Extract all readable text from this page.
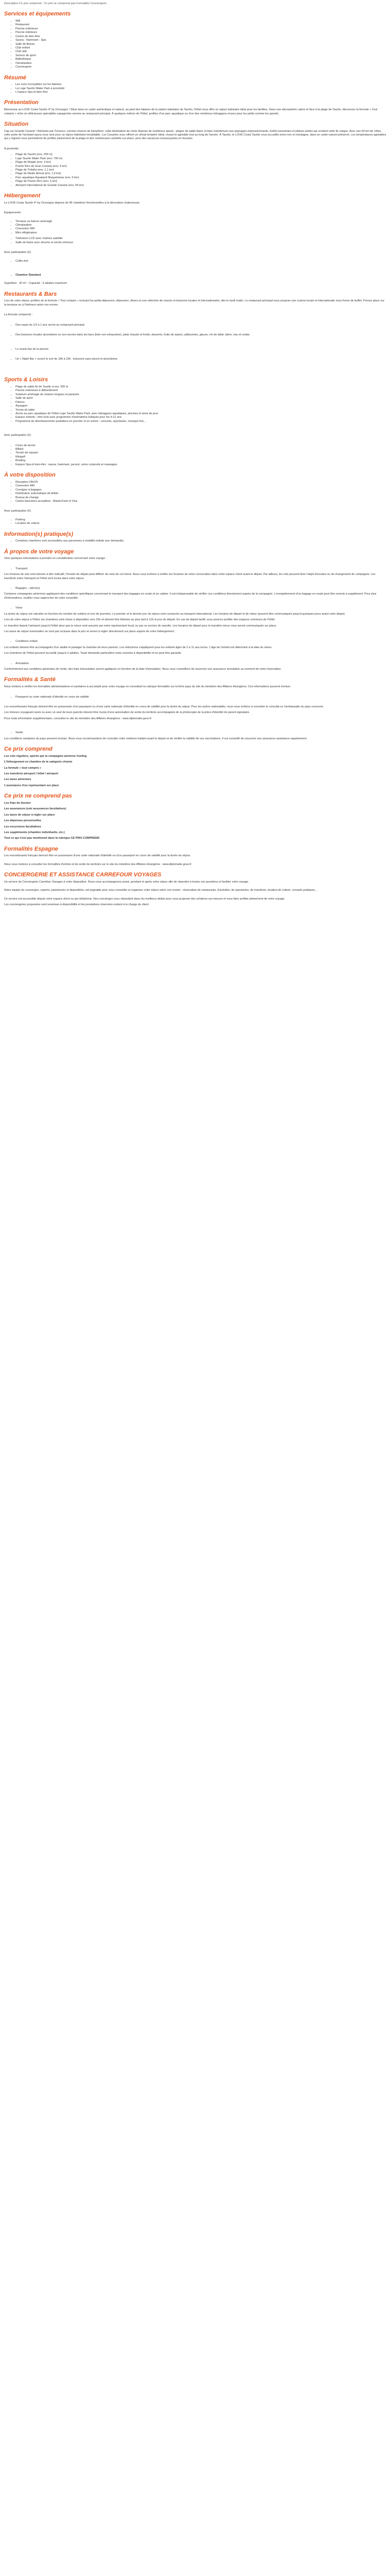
Description Ce prix comprend : Ce prix ne comprend pas Formalités Conciergerie
Services et équipements
• Wifi
• Restaurant
• Piscine extérieure
• Piscine intérieure
• Centre de bien-être
• Sauna - Hammam - Spa
• Salle de fitness
• Club enfant
• Club ado
• Service de sport
• Bibliothèque
• Climatisation
• Conciergerie
Résumé
• Les vues incroyables sur les falaises
• La Loge Taurito Water Park à proximité
• L'espace Spa et bien-être
Présentation

Bienvenue au LOVE Costa Taurito 4* by Ocesogos ! Situé dans un cadre authentique et naturel, au pied des falaises de la station balnéaire de Taurito, l'hôtel vous offre un séjour balnéaire idéal pour les familles. Dans une atmosphère calme et face à la plage de Taurito, découvrez la formule « Tout compris » riche en délicieuses spécialités espagnoles servies au restaurant principal. À quelques mètres de l'hôtel, profitez d'un parc aquatique ou d'un des nombreux toboggans et jeux pour les petits comme les grands.

Situation

Cap sur Grande Canarie ! Déclarée par l'Unesco, comme réserve de biosphère, cette destination de choix dispose de nombreux atouts : plages de sable blanc et bien entretenues aux paysages impressionnants, forêts luxuriantes et plaines arides qui rendent cette île unique. Avec ses 60 km de côtes, votre porte de l'archipel saura vous ravir pour un séjour balnéaire inoubliable. Les Canaries vous offrent un climat tempéré idéal, chaud et agréable tout au long de l'année. À Taurito, le LOVE Costa Taurito vous accueille entre mer et montagne, dans un cadre naturel préservé. Les températures agréables qui y règnent vous permettront de profiter pleinement de la plage et des nombreuses activités sur place, pour des vacances ressourçantes et réussies.

À proximité :

• Plage de Taurito (env. 200 m)
• Loge Taurito Water Park (env. 700 m)
• Plage de Mogán (env. 3 km)
• Puerto Rico de Gran Canaria (env. 6 km)
• Plage de Tiritaña (env. 1,1 km)
• Plage de Medio Almud (env. 1,9 km)
• Parc aquatique Aqualand Maspalomas (env. 9 km)
• Plage de Puerto Rico (env. 5 km)
• Aéroport international de Grande Canarie (env. 56 km)
Hébergement

Le LOVE Costa Taurito 4* by Ocesogos dispose de 96 chambres fonctionnelles à la décoration chaleureuse.

Équipements :

• Terrasse ou balcon aménagé
• Climatisation
• Connexion Wifi
• Mini réfrigérateur
• Télévision LCD avec chaînes satellite
• Salle de bains avec douche et sèche-cheveux

Avec participation (€) :

• Coffre-fort
• Chambre Standard

Superficie : 30 m² - Capacité : 3 adultes maximum

Restaurants & Bars

Lors de votre séjour, profitez de la formule « Tout compris » incluant les petits-déjeuners, déjeuners, dîners et une sélection de snacks et boissons locales et internationales, dès le lundi matin. Le restaurant principal vous propose une cuisine locale et internationale sous forme de buffet. Prenez place sur la terrasse ou à l'intérieur selon vos envies.

La formule comprend :

• Des repas du 1/2 à 1 jour servis au restaurant principal
• Des boissons locales alcoolisées ou non servies dans les bars (liste non exhaustive), plats chauds et froids, desserts, fruits de saison, pâtisseries, glaces, vin de table, bière, eau et sodas
• Le snack-bar de la piscine
• Un « Night Bar » ouvert le soir de 18h à 23h : boissons sans alcool et alcoolisées
Sports & Loisirs
• Plage de sable fin de Taurito à env. 200 m
• Piscine extérieure à débordement
• Solarium aménagé de chaises longues et parasols
• Salle de sport
• Fitness
• Aquagym
• Tennis de table
• Accès au parc aquatique de l'hôtel Loge Taurito Water Park, avec toboggans aquatiques, piscines et aires de jeux
• Espace enfants : mini-club avec programme d'animations ludiques pour les 4-12 ans
• Programme de divertissements quotidiens en journée et en soirée : concerts, spectacles, musique live…

Avec participation (€) :

• Cours de tennis
• Billard
• Terrain de squash
• Minigolf
• Bowling
• Espace Spa et bien-être : sauna, hammam, jacuzzi, soins corporels et massages
À votre disposition
• Réception 24h/24
• Connexion Wifi
• Consigne à bagages
• Distributeur automatique de billets
• Bureau de change
• Cartes bancaires acceptées : MasterCard et Visa

Avec participation (€) :

• Parking
• Location de voiture
Information(s) pratique(s)
• Certaines chambres sont accessibles aux personnes à mobilité réduite (sur demande).
À propos de votre voyage

Voici quelques informations à prendre en considération concernant votre voyage :

• Transport

Les horaires de vols sont donnés à titre indicatif, l'horaire de départ peut différer de celui du vol retour. Nous vous invitons à vérifier les horaires de votre convocation dans votre espace client avant le départ. Par ailleurs, les vols peuvent faire l'objet d'escales ou de changement de compagnie. Les transferts entre l'aéroport et l'hôtel sont inclus dans votre séjour.

• Bagages – pièce(s)

Certaines compagnies aériennes appliquent des conditions spécifiques concernant le transport des bagages en soute et en cabine. Il est indispensable de vérifier ces conditions directement auprès de la compagnie. L'enregistrement d'un bagage en soute peut être soumis à supplément. Pour plus d'informations, veuillez vous rapprocher de votre conseiller.

• Visas

La durée du séjour est calculée en fonction du nombre de nuitées et non de journées. Le premier et le dernier jour du séjour sont consacrés au transport international. Les horaires de départ et de retour peuvent être communiqués jusqu'à quelques jours avant votre départ.

Lors de votre séjour à l'hôtel, les chambres sont mises à disposition vers 15h et doivent être libérées au plus tard à 12h le jour du départ. En cas de départ tardif, vous pourrez profiter des espaces communs de l'hôtel.

Le transfert depuis l'aéroport jusqu'à l'hôtel ainsi que le retour sont assurés par notre représentant local, ou par un service de navette. Les horaires de départ pour le transfert retour vous seront communiqués sur place.

Les taxes de séjour éventuelles ne sont pas incluses dans le prix et seront à régler directement sur place auprès de votre hébergement.

• Conditions enfant

Les enfants doivent être accompagnés d'un adulte et partager la chambre de leurs parents. Les réductions s'appliquent pour les enfants âgés de 2 à 11 ans inclus. L'âge de l'enfant est déterminé à la date du retour.

Les chambres de l'hôtel peuvent accueillir jusqu'à 3 adultes. Toute demande particulière reste soumise à disponibilité et ne peut être garantie.

• Annulation

Conformément aux conditions générales de vente, des frais d'annulation seront appliqués en fonction de la date d'annulation. Nous vous conseillons de souscrire une assurance annulation au moment de votre réservation.

Formalités & Santé

Nous invitons à vérifier les formalités administratives et sanitaires à accomplir pour votre voyage en consultant la rubrique formalités sur la fiche pays du site du ministère des Affaires étrangères. Ces informations peuvent évoluer.

• Passeport ou carte nationale d'identité en cours de validité

Les ressortissants français doivent être en possession d'un passeport ou d'une carte nationale d'identité en cours de validité pour la durée du séjour. Pour les autres nationalités, nous vous invitons à consulter le consulat ou l'ambassade du pays concerné.

Les mineurs voyageant seuls ou avec un seul de leurs parents doivent être munis d'une autorisation de sortie du territoire accompagnée de la photocopie de la pièce d'identité du parent signataire.

Pour toute information supplémentaire, consultez le site du ministère des Affaires étrangères : www.diplomatie.gouv.fr

• Santé

Les conditions sanitaires du pays peuvent évoluer. Nous vous recommandons de consulter votre médecin traitant avant le départ et de vérifier la validité de vos vaccinations. Il est conseillé de souscrire une assurance assistance rapatriement.

Ce prix comprend

Les vols réguliers, opérés par la compagnie aérienne Vueling

L'hébergement en chambre de la catégorie choisie

La formule « tout compris »

Les transferts aéroport / hôtel / aéroport

Les taxes aériennes

L'assistance d'un représentant sur place

Ce prix ne comprend pas

Les frais de dossier

Les assurances (voir assurances facultatives)

Les taxes de séjour à régler sur place

Les dépenses personnelles

Les excursions facultatives

Les suppléments (chambre individuelle, etc.)

Tout ce qui n'est pas mentionné dans la rubrique CE PRIX COMPREND

Formalités Espagne

Les ressortissants français devront être en possession d'une carte nationale d'identité ou d'un passeport en cours de validité pour la durée du séjour.

Nous vous invitons à consulter les formalités d'entrée et de sortie du territoire sur le site du ministère des Affaires étrangères : www.diplomatie.gouv.fr

CONCIERGERIE ET ASSISTANCE CARREFOUR VOYAGES

Un service de Conciergerie Carrefour Voyages à votre disposition. Nous vous accompagnons avant, pendant et après votre séjour afin de répondre à toutes vos questions et faciliter votre voyage.

Notre équipe de concierges, experts, passionnés et disponibles, est joignable pour vous conseiller et organiser votre séjour selon vos envies : réservation de restaurants, d'activités, de spectacles, de transferts, location de voiture, conseils pratiques…

Ce service est accessible depuis votre espace client ou par téléphone. Nos concierges vous répondent dans les meilleurs délais pour vous proposer des solutions sur-mesure et vous faire profiter pleinement de votre voyage.

Les conciergeries proposées sont soumises à disponibilité et les prestations réservées restent à la charge du client.
